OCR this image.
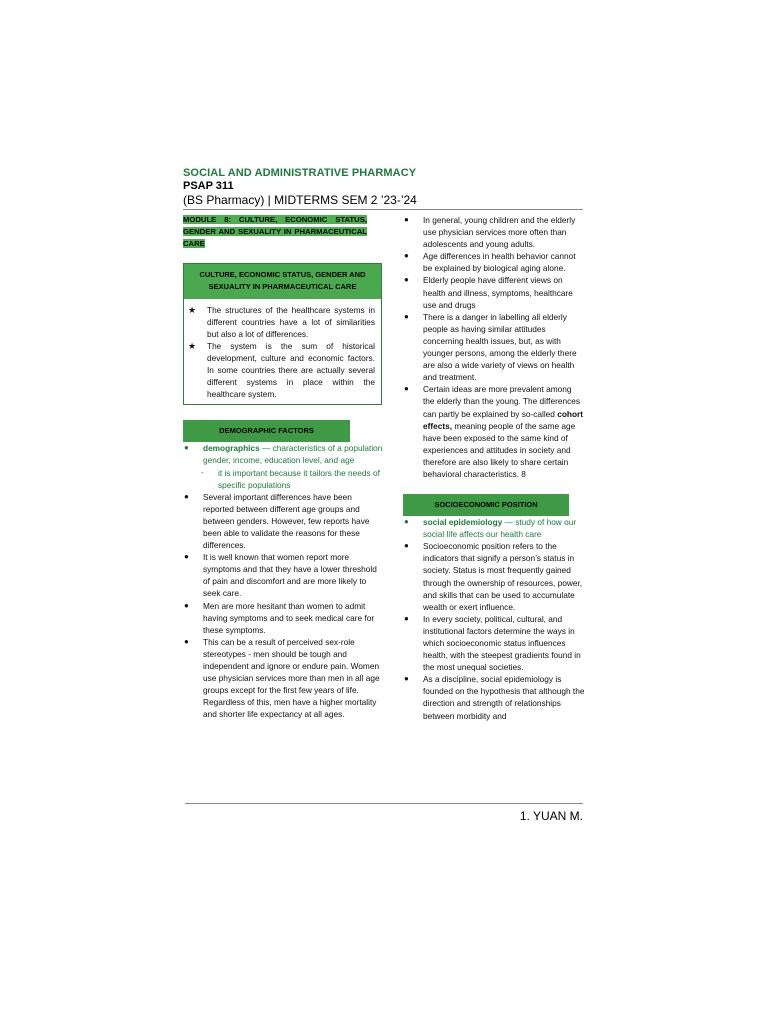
SOCIAL AND ADMINISTRATIVE PHARMACY
PSAP 311
(BS Pharmacy) | MIDTERMS SEM 2 ’23-’24
MODULE 8: CULTURE, ECONOMIC STATUS, GENDER AND SEXUALITY IN PHARMACEUTICAL CARE
CULTURE, ECONOMIC STATUS, GENDER AND SEXUALITY IN PHARMACEUTICAL CARE
★	The structures of the healthcare systems in different countries have a lot of similarities but also a lot of differences.
★	The system is the sum of historical development, culture and economic factors. In some countries there are actually several different systems in place within the healthcare system.
DEMOGRAPHIC FACTORS
● demographics — characteristics of a population gender, income, education level, and age
- it is important because it tailors the needs of specific populations
● Several important differences have been reported between different age groups and between genders. However, few reports have been able to validate the reasons for these differences.
● It is well known that women report more symptoms and that they have a lower threshold of pain and discomfort and are more likely to seek care.
● Men are more hesitant than women to admit having symptoms and to seek medical care for these symptoms.
● This can be a result of perceived sex-role stereotypes - men should be tough and independent and ignore or endure pain. Women use physician services more than men in all age groups except for the first few years of life. Regardless of this, men have a higher mortality and shorter life expectancy at all ages.
● In general, young children and the elderly use physician services more often than adolescents and young adults.
● Age differences in health behavior cannot be explained by biological aging alone.
● Elderly people have different views on health and illness, symptoms, healthcare use and drugs
● There is a danger in labelling all elderly people as having similar attitudes concerning health issues, but, as with younger persons, among the elderly there are also a wide variety of views on health and treatment.
● Certain ideas are more prevalent among the elderly than the young. The differences can partly be explained by so-called cohort effects, meaning people of the same age have been exposed to the same kind of experiences and attitudes in society and therefore are also likely to share certain behavioral characteristics. 8
SOCIOECONOMIC POSITION
● social epidemiology — study of how our social life affects our health care
● Socioeconomic position refers to the indicators that signify a person’s status in society. Status is most frequently gained through the ownership of resources, power, and skills that can be used to accumulate wealth or exert influence.
● In every society, political, cultural, and institutional factors determine the ways in which socioeconomic status influences health, with the steepest gradients found in the most unequal societies.
● As a discipline, social epidemiology is founded on the hypothesis that although the direction and strength of relationships between morbidity and
1. YUAN M.
